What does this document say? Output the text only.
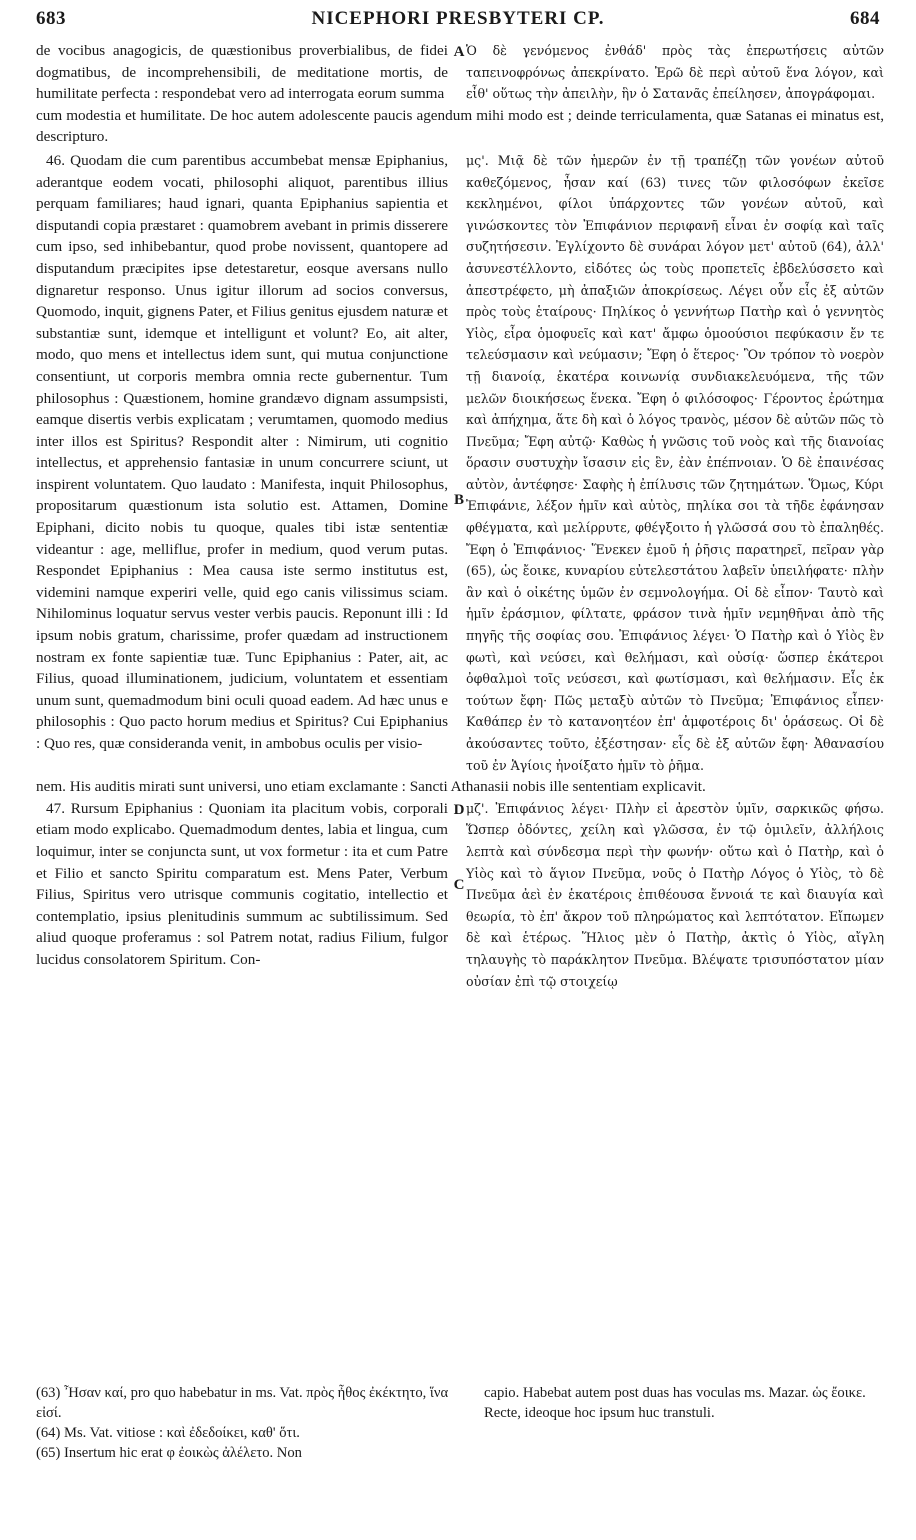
683	NICEPHORI PRESBYTERI CP.	684
A

de vocibus anagogicis, de quæstionibus proverbialibus, de fidei dogmatibus, de incomprehensibili, de meditatione mortis, de humilitate perfecta : respondebat vero ad interrogata eorum summa

Ὁ δὲ γενόμενος ἐνθάδ' πρὸς τὰς ἐπερωτήσεις αὐτῶν ταπεινοφρόνως ἀπεκρίνατο. Ἐρῶ δὲ περὶ αὐτοῦ ἕνα λόγον, καὶ εἶθ' οὕτως τὴν ἀπειλὴν, ἣν ὁ Σατανᾶς ἐπείλησεν, ἀπογράφομαι.

cum modestia et humilitate. De hoc autem adolescente paucis agendum mihi modo est ; deinde terriculamenta, quæ Satanas ei minatus est, descripturo.

B
C

46. Quodam die cum parentibus accumbebat mensæ Epiphanius, aderantque eodem vocati, philosophi aliquot, parentibus illius perquam familiares; haud ignari, quanta Epiphanius sapientia et disputandi copia præstaret : quamobrem avebant in primis disserere cum ipso, sed inhibebantur, quod probe novissent, quantopere ad disputandum præcipites ipse detestaretur, eosque aversans nullo dignaretur responso. Unus igitur illorum ad socios conversus, Quomodo, inquit, gignens Pater, et Filius genitus ejusdem naturæ et substantiæ sunt, idemque et intelligunt et volunt? Eo, ait alter, modo, quo mens et intellectus idem sunt, qui mutua conjunctione consentiunt, ut corporis membra omnia recte gubernentur. Tum philosophus : Quæstionem, homine grandævo dignam assumpsisti, eamque disertis verbis explicatam ; verumtamen, quomodo medius inter illos est Spiritus? Respondit alter : Nimirum, uti cognitio intellectus, et apprehensio fantasiæ in unum concurrere sciunt, ut inspirent voluntatem. Quo laudato : Manifesta, inquit Philosophus, propositarum quæstionum ista solutio est. Attamen, Domine Epiphani, dicito nobis tu quoque, quales tibi istæ sententiæ videantur : age, mellifluε, profer in medium, quod verum putas. Respondet Epiphanius : Mea causa iste sermo institutus est, videmini namque experiri velle, quid ego canis vilissimus sciam. Nihilominus loquatur servus vester verbis paucis. Reponunt illi : Id ipsum nobis gratum, charissime, profer quædam ad instructionem nostram ex fonte sapientiæ tuæ. Tunc Epiphanius : Pater, ait, ac Filius, quoad illuminationem, judicium, voluntatem et essentiam unum sunt, quemadmodum bini oculi quoad eadem. Ad hæc unus e philosophis : Quo pacto horum medius et Spiritus? Cui Epiphanius : Quo res, quæ consideranda venit, in ambobus oculis per visio-

μς'. Μιᾷ δὲ τῶν ἡμερῶν ἐν τῇ τραπέζῃ τῶν γονέων αὐτοῦ καθεζόμενος, ἦσαν καί (63) τινες τῶν φιλοσόφων ἐκεῖσε κεκλημένοι, φίλοι ὑπάρχοντες τῶν γονέων αὐτοῦ, καὶ γινώσκοντες τὸν Ἐπιφάνιον περιφανῆ εἶναι ἐν σοφίᾳ καὶ ταῖς συζητήσεσιν. Ἐγλίχοντο δὲ συνάραι λόγον μετ' αὐτοῦ (64), ἀλλ' ἀσυνεστέλλοντο, εἰδότες ὡς τοὺς προπετεῖς ἐβδελύσσετο καὶ ἀπεστρέφετο, μὴ ἀπαξιῶν ἀποκρίσεως. Λέγει οὖν εἷς ἐξ αὐτῶν πρὸς τοὺς ἑταίρους· Πηλίκος ὁ γεννήτωρ Πατὴρ καὶ ὁ γεννητὸς Υἱὸς, εἶρα ὁμοφυεῖς καὶ κατ' ἄμφω ὁμοούσιοι πεφύκασιν ἔν τε τελεύσμασιν καὶ νεύμασιν; Ἔφη ὁ ἕτερος· Ὃν τρόπον τὸ νοερὸν τῇ διανοίᾳ, ἑκατέρα κοινωνίᾳ συνδιακελευόμενα, τῆς τῶν μελῶν διοικήσεως ἕνεκα. Ἔφη ὁ φιλόσοφος· Γέροντος ἐρώτημα καὶ ἀπήχημα, ἅτε δὴ καὶ ὁ λόγος τρανὸς, μέσον δὲ αὐτῶν πῶς τὸ Πνεῦμα; Ἔφη αὐτῷ· Καθὼς ἡ γνῶσις τοῦ νοὸς καὶ τῆς διανοίας ὅρασιν συστυχὴν ἴσασιν εἰς ἓν, ἐὰν ἐπέπνοιαν. Ὁ δὲ ἐπαινέσας αὐτὸν, ἀντέφησε· Σαφὴς ἡ ἐπίλυσις τῶν ζητημάτων. Ὅμως, Κύρι Ἐπιφάνιε, λέξον ἡμῖν καὶ αὐτὸς, πηλίκα σοι τὰ τῆδε ἐφάνησαν φθέγματα, καὶ μελίρρυτε, φθέγξοιτο ἡ γλῶσσά σου τὸ ἐπαληθές. Ἔφη ὁ Ἐπιφάνιος· Ἕνεκεν ἐμοῦ ἡ ῥῆσις παρατηρεῖ, πεῖραν γὰρ (65), ὡς ἔοικε, κυναρίου εὐτελεστάτου λαβεῖν ὑπειλήφατε· πλὴν ἂν καὶ ὁ οἰκέτης ὑμῶν ἐν σεμνολογήμα. Οἱ δὲ εἶπον· Ταυτὸ καὶ ἡμῖν ἐράσμιον, φίλτατε, φράσον τινὰ ἡμῖν νεμηθῆναι ἀπὸ τῆς πηγῆς τῆς σοφίας σου. Ἐπιφάνιος λέγει· Ὁ Πατὴρ καὶ ὁ Υἱὸς ἓν φωτὶ, καὶ νεύσει, καὶ θελήμασι, καὶ οὐσίᾳ· ὥσπερ ἑκάτεροι ὀφθαλμοὶ τοῖς νεύσεσι, καὶ φωτίσμασι, καὶ θελήμασιν. Εἷς ἐκ τούτων ἔφη· Πῶς μεταξὺ αὐτῶν τὸ Πνεῦμα; Ἐπιφάνιος εἶπεν· Καθάπερ ἐν τὸ κατανοητέον ἐπ' ἀμφοτέροις δι' ὁράσεως. Οἱ δὲ ἀκούσαντες τοῦτο, ἐξέστησαν· εἷς δὲ ἐξ αὐτῶν ἔφη· Ἀθανασίου τοῦ ἐν Ἁγίοις ἠνοίξατο ἡμῖν τὸ ῥῆμα.

nem. His auditis mirati sunt universi, uno etiam exclamante : Sancti Athanasii nobis ille sententiam explicavit.

D

47. Rursum Epiphanius : Quoniam ita placitum vobis, corporali etiam modo explicabo. Quemadmodum dentes, labia et lingua, cum loquimur, inter se conjuncta sunt, ut vox formetur : ita et cum Patre et Filio et sancto Spiritu comparatum est. Mens Pater, Verbum Filius, Spiritus vero utrisque communis cogitatio, intellectio et contemplatio, ipsius plenitudinis summum ac subtilissimum. Sed aliud quoque proferamus : sol Patrem notat, radius Filium, fulgor lucidus consolatorem Spiritum. Con-

μζ'. Ἐπιφάνιος λέγει· Πλὴν εἰ ἀρεστὸν ὑμῖν, σαρκικῶς φήσω. Ὥσπερ ὀδόντες, χείλη καὶ γλῶσσα, ἐν τῷ ὁμιλεῖν, ἀλλήλοις λεπτὰ καὶ σύνδεσμα περὶ τὴν φωνήν· οὕτω καὶ ὁ Πατὴρ, καὶ ὁ Υἱὸς καὶ τὸ ἅγιον Πνεῦμα, νοῦς ὁ Πατὴρ Λόγος ὁ Υἱὸς, τὸ δὲ Πνεῦμα ἀεὶ ἐν ἑκατέροις ἐπιθέουσα ἔννοιά τε καὶ διαυγία καὶ θεωρία, τὸ ἐπ' ἄκρον τοῦ πληρώματος καὶ λεπτότατον. Εἴπωμεν δὲ καὶ ἑτέρως. Ἥλιος μὲν ὁ Πατὴρ, ἀκτὶς ὁ Υἱὸς, αἴγλη τηλαυγὴς τὸ παράκλητον Πνεῦμα. Βλέψατε τρισυπόστατον μίαν οὐσίαν ἐπὶ τῷ στοιχείῳ

(63) Ἦσαν καί, pro quo habebatur in ms. Vat. πρὸς ἦθος ἐκέκτητο, ἵνα εἰσί.

(64) Ms. Vat. vitiose : καὶ ἐδεδοίκει, καθ' ὅτι.

(65) Insertum hic erat φ ἐοικὼς ἀλέλετο. Non

capio. Habebat autem post duas has voculas ms. Mazar. ὡς ἔοικε. Recte, ideoque hoc ipsum huc transtuli.
